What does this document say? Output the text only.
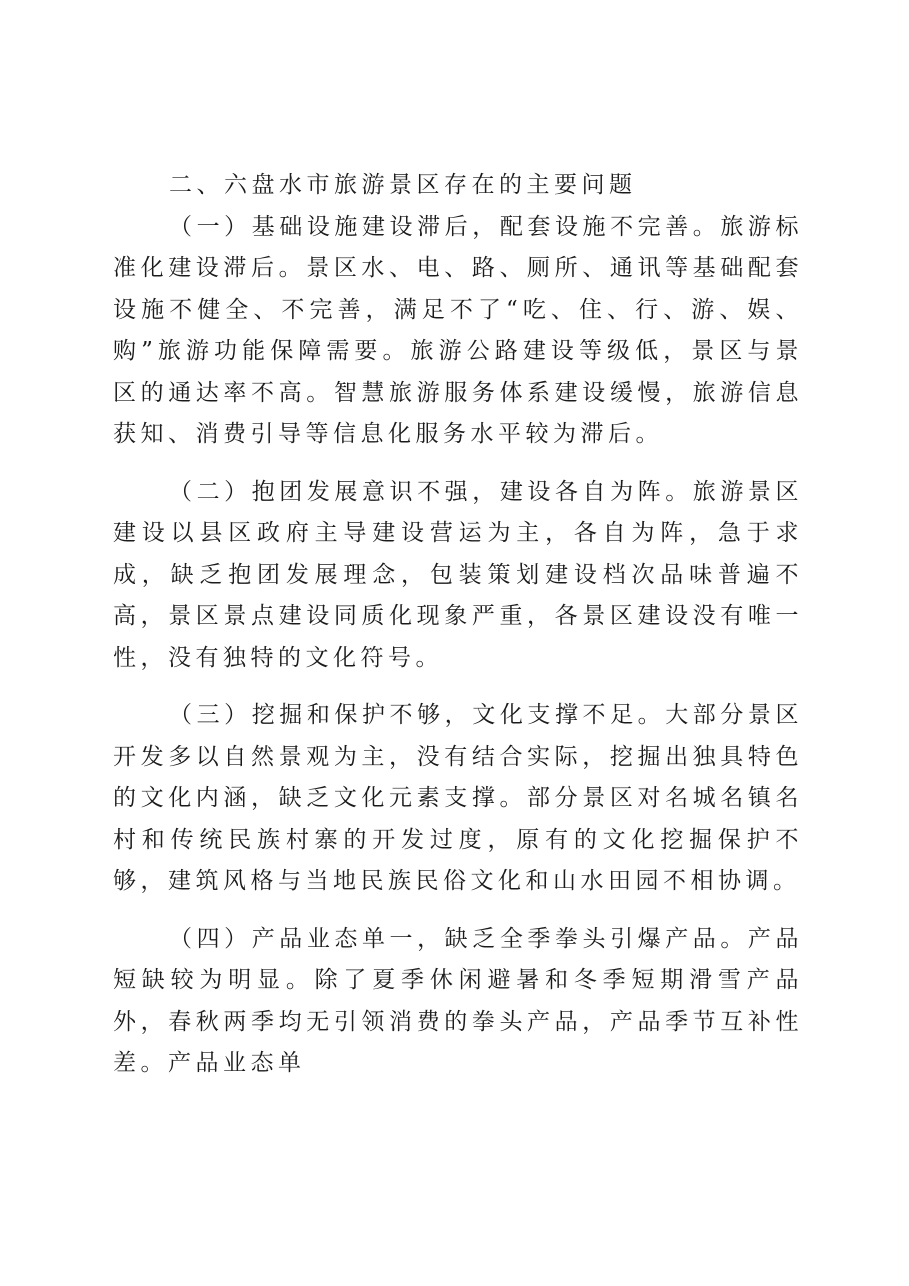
二、六盘水市旅游景区存在的主要问题

（一）基础设施建设滞后，配套设施不完善。旅游标准化建设滞后。景区水、电、路、厕所、通讯等基础配套设施不健全、不完善，满足不了“吃、住、行、游、娱、购”旅游功能保障需要。旅游公路建设等级低，景区与景区的通达率不高。智慧旅游服务体系建设缓慢，旅游信息获知、消费引导等信息化服务水平较为滞后。

（二）抱团发展意识不强，建设各自为阵。旅游景区建设以县区政府主导建设营运为主，各自为阵，急于求成，缺乏抱团发展理念，包装策划建设档次品味普遍不高，景区景点建设同质化现象严重，各景区建设没有唯一性，没有独特的文化符号。

（三）挖掘和保护不够，文化支撑不足。大部分景区开发多以自然景观为主，没有结合实际，挖掘出独具特色的文化内涵，缺乏文化元素支撑。部分景区对名城名镇名村和传统民族村寨的开发过度，原有的文化挖掘保护不够，建筑风格与当地民族民俗文化和山水田园不相协调。

（四）产品业态单一，缺乏全季拳头引爆产品。产品短缺较为明显。除了夏季休闲避暑和冬季短期滑雪产品外，春秋两季均无引领消费的拳头产品，产品季节互补性差。产品业态单
